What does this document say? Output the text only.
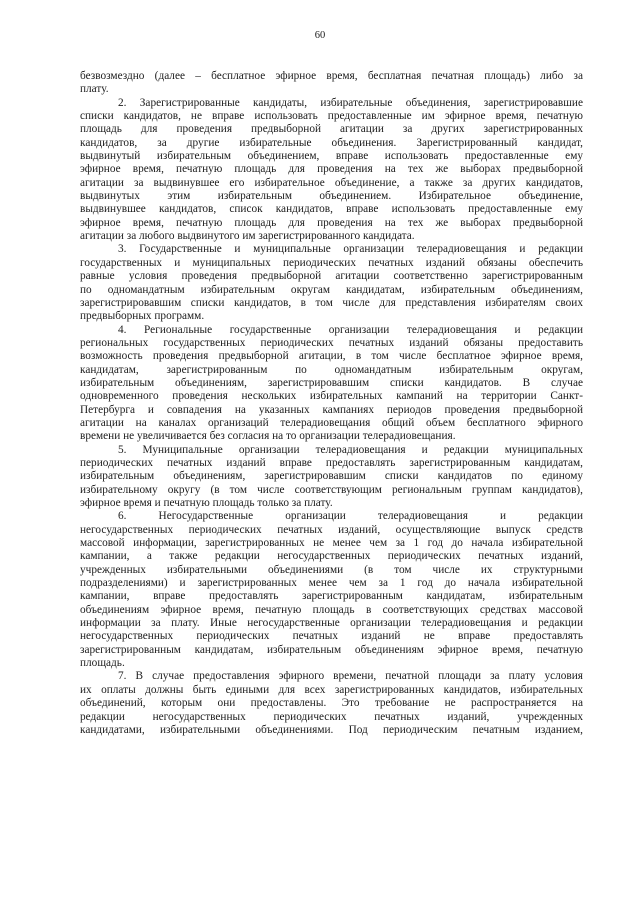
60
безвозмездно (далее – бесплатное эфирное время, бесплатная печатная площадь) либо за
плату.
2. Зарегистрированные кандидаты, избирательные объединения, зарегистрировавшие
списки кандидатов, не вправе использовать предоставленные им эфирное время, печатную
площадь для проведения предвыборной агитации за других зарегистрированных
кандидатов, за другие избирательные объединения. Зарегистрированный кандидат,
выдвинутый избирательным объединением, вправе использовать предоставленные ему
эфирное время, печатную площадь для проведения на тех же выборах предвыборной
агитации за выдвинувшее его избирательное объединение, а также за других кандидатов,
выдвинутых этим избирательным объединением. Избирательное объединение,
выдвинувшее кандидатов, список кандидатов, вправе использовать предоставленные ему
эфирное время, печатную площадь для проведения на тех же выборах предвыборной
агитации за любого выдвинутого им зарегистрированного кандидата.
3. Государственные и муниципальные организации телерадиовещания и редакции
государственных и муниципальных периодических печатных изданий обязаны обеспечить
равные условия проведения предвыборной агитации соответственно зарегистрированным
по одномандатным избирательным округам кандидатам, избирательным объединениям,
зарегистрировавшим списки кандидатов, в том числе для представления избирателям своих
предвыборных программ.
4. Региональные государственные организации телерадиовещания и редакции
региональных государственных периодических печатных изданий обязаны предоставить
возможность проведения предвыборной агитации, в том числе бесплатное эфирное время,
кандидатам, зарегистрированным по одномандатным избирательным округам,
избирательным объединениям, зарегистрировавшим списки кандидатов. В случае
одновременного проведения нескольких избирательных кампаний на территории Санкт-
Петербурга и совпадения на указанных кампаниях периодов проведения предвыборной
агитации на каналах организаций телерадиовещания общий объем бесплатного эфирного
времени не увеличивается без согласия на то организации телерадиовещания.
5. Муниципальные организации телерадиовещания и редакции муниципальных
периодических печатных изданий вправе предоставлять зарегистрированным кандидатам,
избирательным объединениям, зарегистрировавшим списки кандидатов по единому
избирательному округу (в том числе соответствующим региональным группам кандидатов),
эфирное время и печатную площадь только за плату.
6. Негосударственные организации телерадиовещания и редакции
негосударственных периодических печатных изданий, осуществляющие выпуск средств
массовой информации, зарегистрированных не менее чем за 1 год до начала избирательной
кампании, а также редакции негосударственных периодических печатных изданий,
учрежденных избирательными объединениями (в том числе их структурными
подразделениями) и зарегистрированных менее чем за 1 год до начала избирательной
кампании, вправе предоставлять зарегистрированным кандидатам, избирательным
объединениям эфирное время, печатную площадь в соответствующих средствах массовой
информации за плату. Иные негосударственные организации телерадиовещания и редакции
негосударственных периодических печатных изданий не вправе предоставлять
зарегистрированным кандидатам, избирательным объединениям эфирное время, печатную
площадь.
7. В случае предоставления эфирного времени, печатной площади за плату условия
их оплаты должны быть едиными для всех зарегистрированных кандидатов, избирательных
объединений, которым они предоставлены. Это требование не распространяется на
редакции негосударственных периодических печатных изданий, учрежденных
кандидатами, избирательными объединениями. Под периодическим печатным изданием,
